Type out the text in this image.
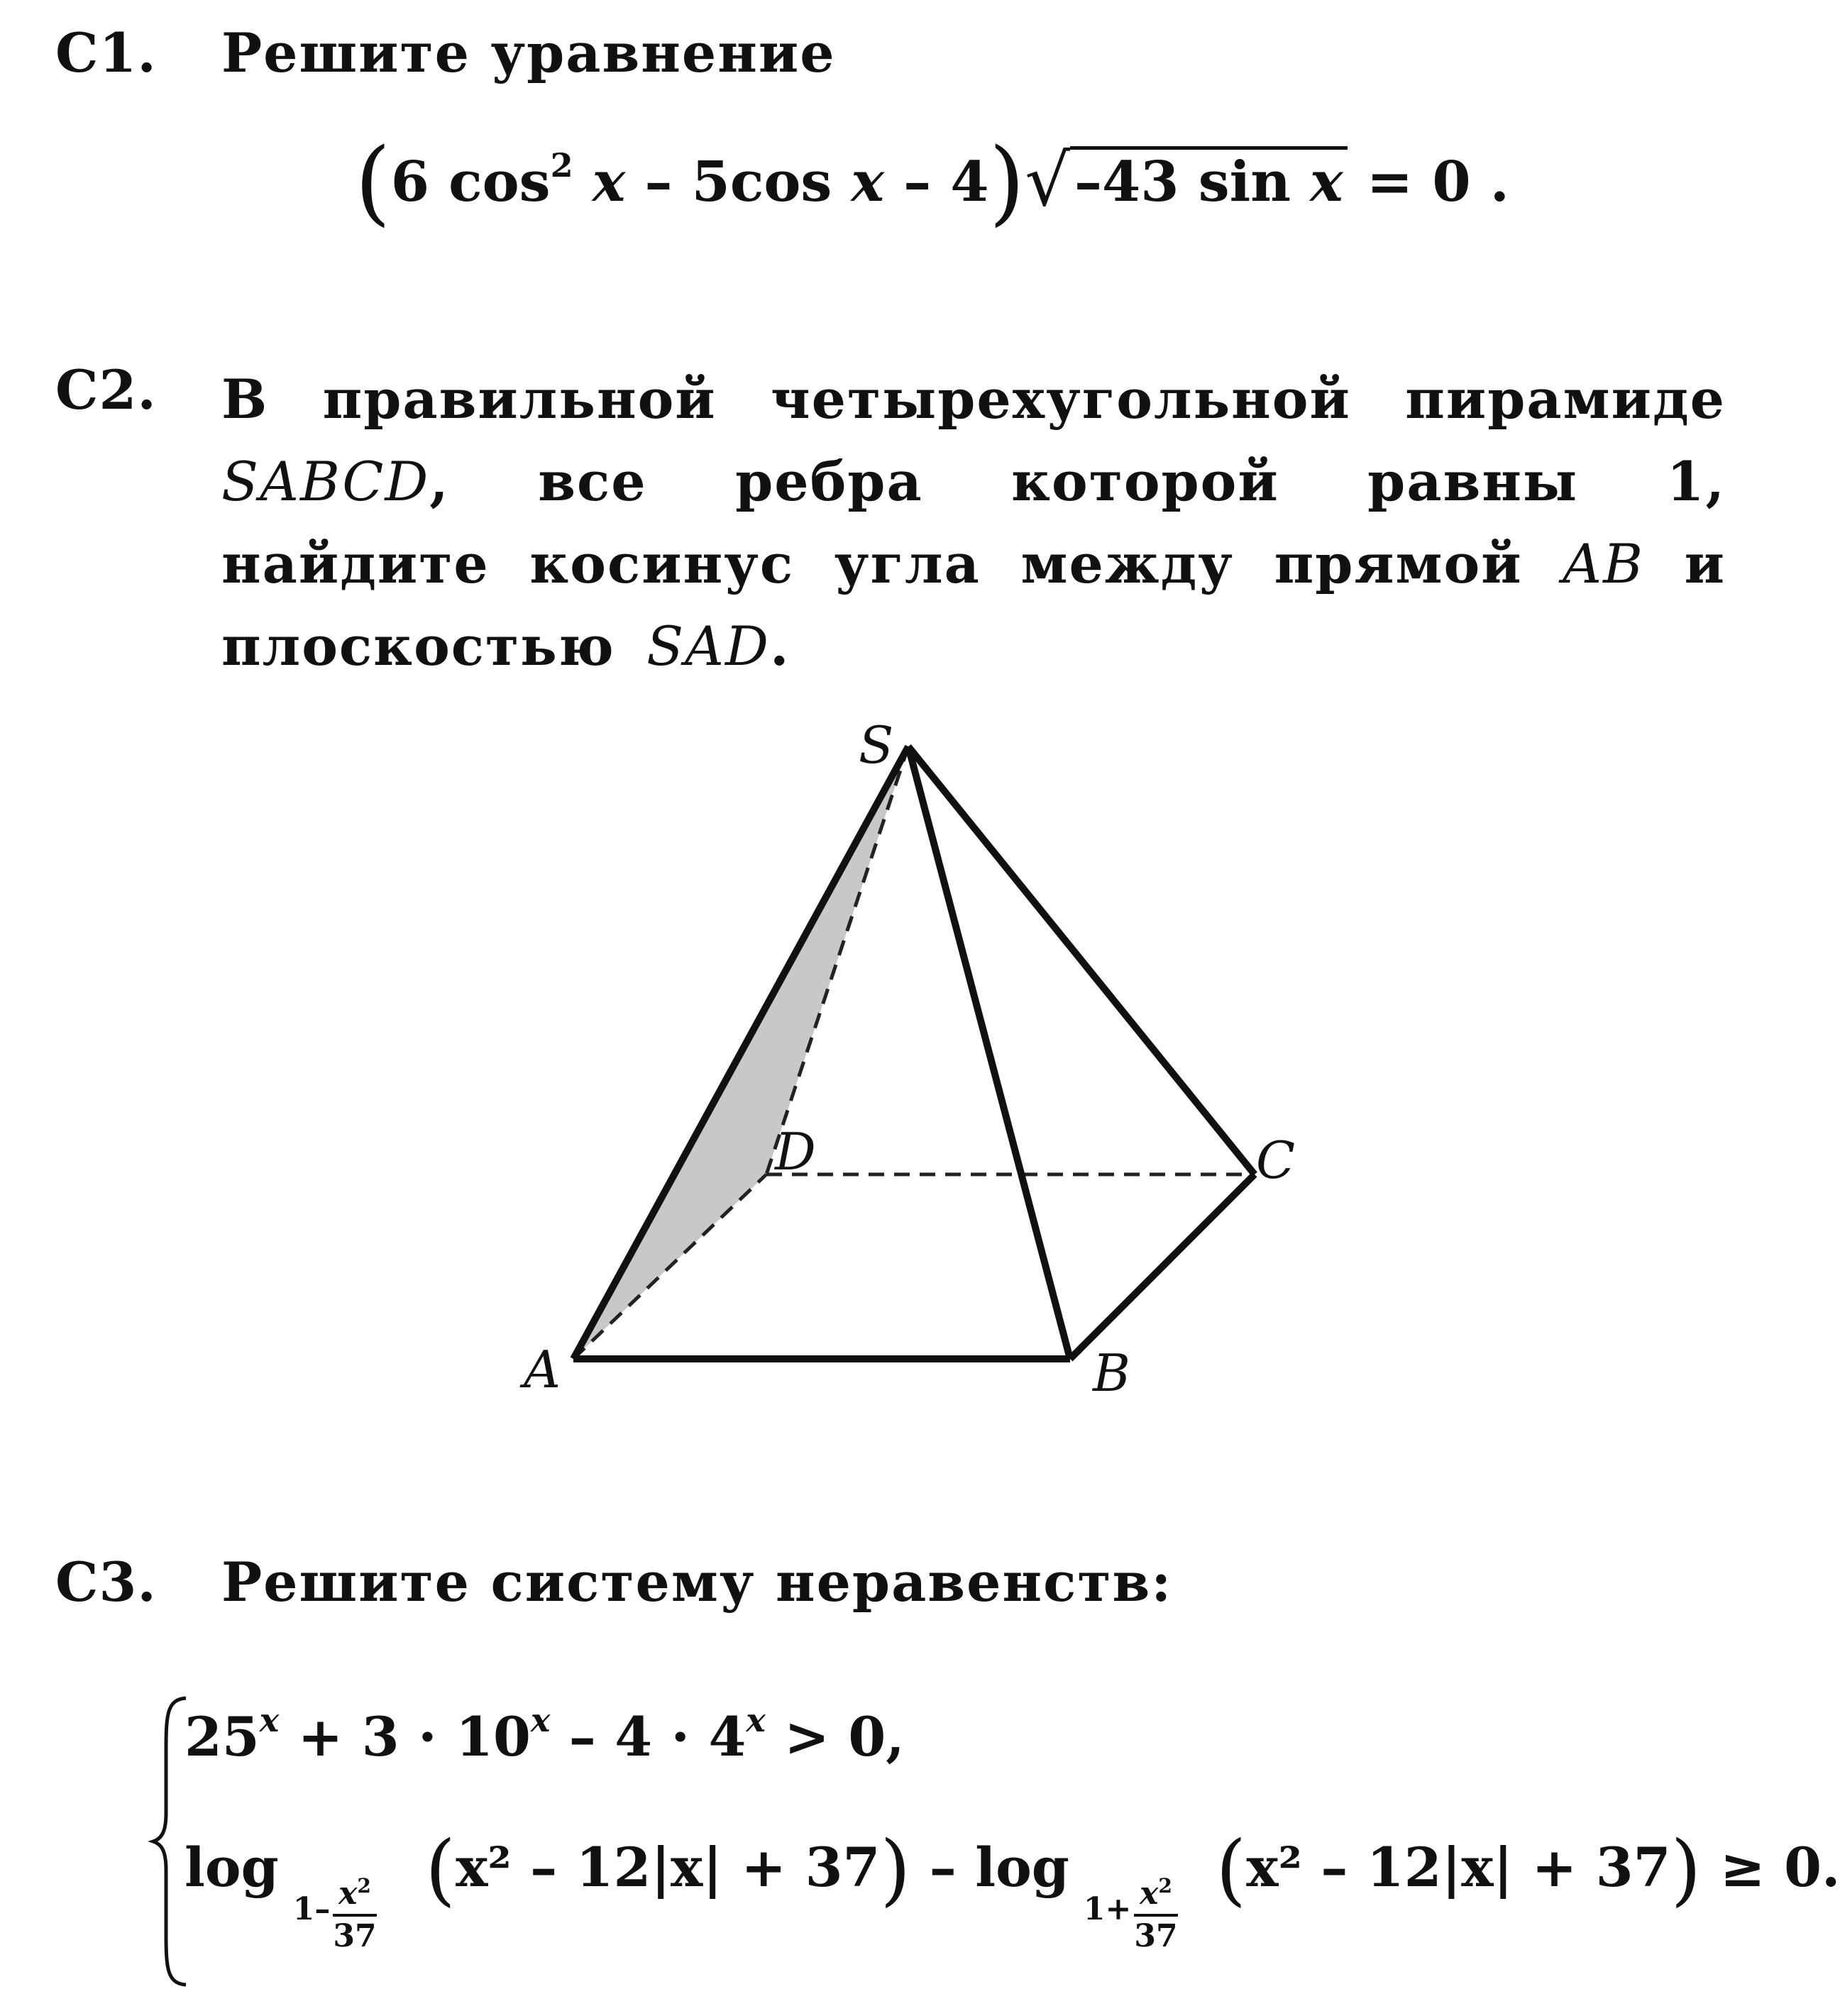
C1. Решите уравнение
(6 $\cos^2 x - 5\cos$ x – 4)√–43 sin x = 0 .
C2. В правильной четырехугольной пирамиде SABCD, все ребра которой равны 1, найдите косинус угла между прямой AB и плоскостью SAD.
S
A	B
C
D
C3. Решите систему неравенств:
$25^x + 3 \cdot 10^x - 4 \cdot 4^x > 0$,
log
$1- \frac{x^2}{37} (x^2 - 12|x| + 37) - \log$
$1+ \frac{x^2}{37} (x^2 - 12|x| + 37) \ge 0$.
